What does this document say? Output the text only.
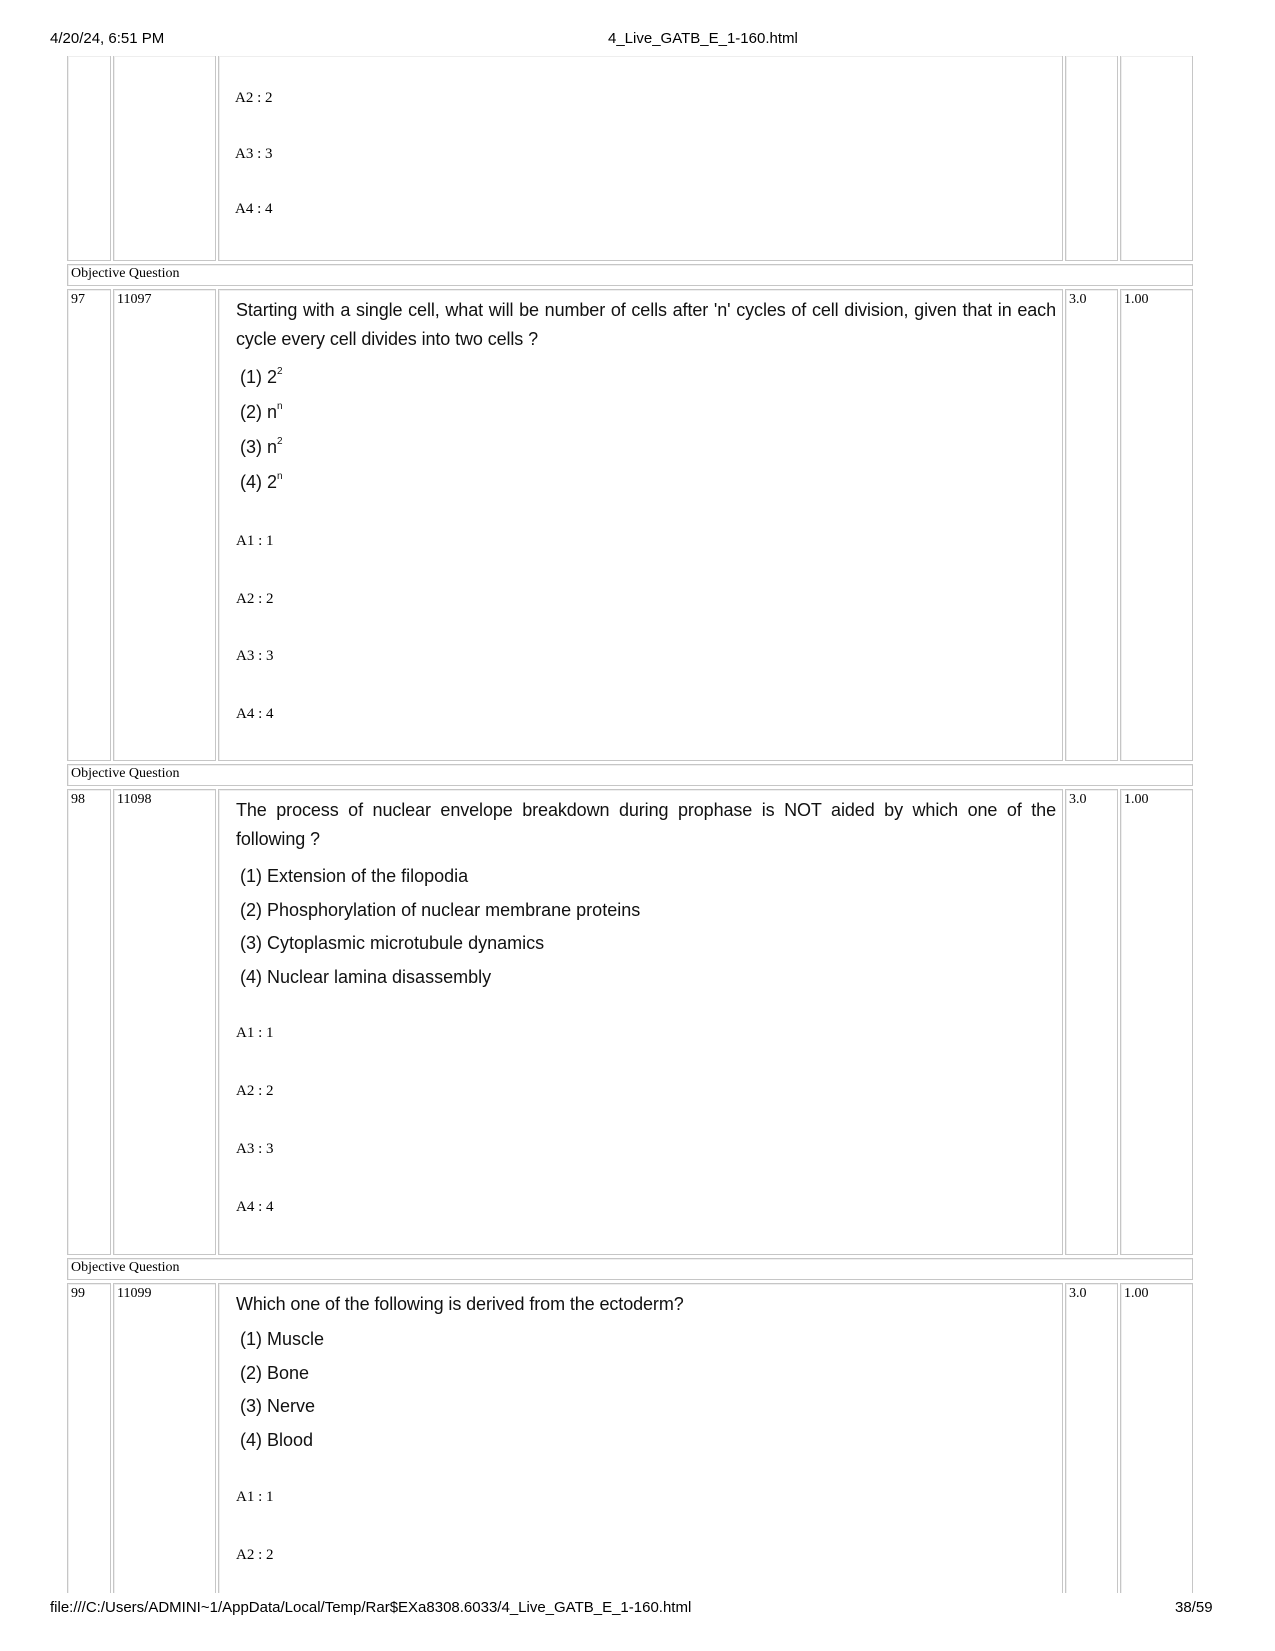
4/20/24, 6:51 PM	4_Live_GATB_E_1-160.html
A2 : 2
A3 : 3
A4 : 4
Objective Question
97 11097
Starting with a single cell, what will be number of cells after 'n' cycles of cell division, given that in each cycle every cell divides into two cells ?
(1) $2^2$
(2) $n^n$
(3) $n^2$
(4) 2$^n$
A1 : 1
A2 : 2
A3 : 3
A4 : 4
3.0	1.00
Objective Question
98 11098
The process of nuclear envelope breakdown during prophase is NOT aided by which one of the following ?
(1) Extension of the filopodia
(2) Phosphorylation of nuclear membrane proteins
(3) Cytoplasmic microtubule dynamics
(4) Nuclear lamina disassembly
A1 : 1
A2 : 2
A3 : 3
A4 : 4
3.0	1.00
Objective Question
99 11099
Which one of the following is derived from the ectoderm?
(1) Muscle
(2) Bone
(3) Nerve
(4) Blood
A1 : 1
A2 : 2
3.0	1.00
file:///C:/Users/ADMINI~1/AppData/Local/Temp/Rar$EXa8308.6033/4_Live_GATB_E_1-160.html	38/59
